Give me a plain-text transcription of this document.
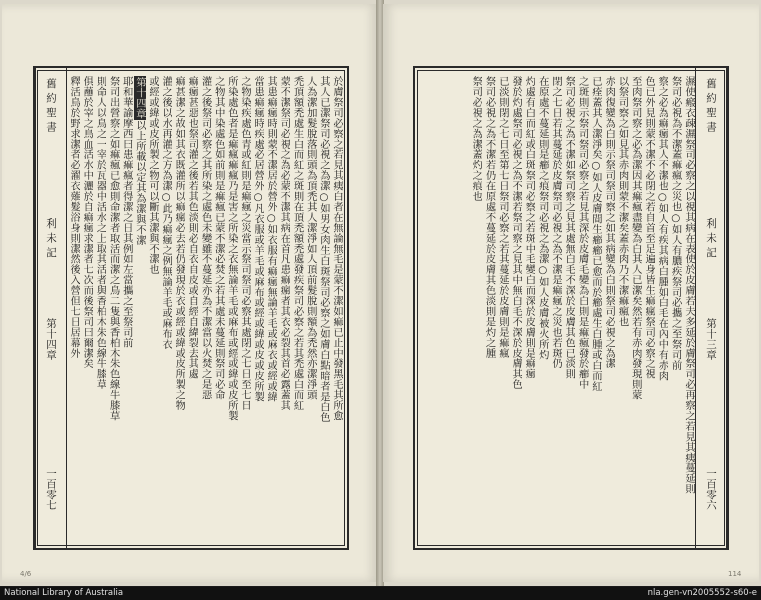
舊約聖書
利未記
第十四章
一百零七
於膚祭司必察之若見其痍白者在無論無毛是蒙不潔如痲已止中發黑毛其所愈
其人已潔祭司必視之為潔○如男女肉生白斑祭司必察之如膚白點暗者是白色
人為潔加髮脫落則頭為頂禿其人潔淨如人頂前髮脫則額為禿然亦潔淨頭
禿頂額禿處生白而紅之斑則在頂禿額禿處發疾祭司必察之若其禿處白而紅
蒙不潔祭司必視之為必蒙不潔其病在首凡患痲瘋者其衣必裂其首必露蓋其
其患痲瘋時則蒙不潔居於營外○如衣服有痲瘋無論羊毛或麻衣或經或緯
當患痲瘋時疾處必居營外○凡衣服或羊毛或麻布或經或緯或皮或皮所製
之物染疾處色青或紅則是痲瘋之災當示祭司祭司必察其處閉之七日至七日
所染處色者是痲瘋痲瘋乃是害之所染之衣無論羊毛或麻布或經或緯或皮所製
之物其中染處色如前則是痲瘋已蒙不潔必焚之若其處未蔓延則祭司必命
灌之後祭司必察之其所染之處色未變雖不蔓延亦為不潔當以火焚之是惡
痲瘋甚惡也祭司灌之後若其色淡則必自衣自皮或自經自緯裂去其處
痲甚潔之故如其衣既灌所以痲瘋必去若仍發現於衣或經或緯或皮所製之物
灌之後以水再灌之方為潔○此乃痲瘋之例無論羊毛或麻布衣
或經或緯或皮所製之物可以斷其潔與不潔也
第十四章以上所載以定其為潔與不潔
耶和華諭摩西曰患痲瘋者得潔之日其例如左當攜之至祭司前
祭司出營察之如痲瘋已愈則命潔者取活而潔之鳥二隻與香柏木朱色線牛膝草
則命人以鳥之一宰於瓦器中活水之上取其活者與香柏木朱色線牛膝草
俱蘸於宰之鳥血活水中灑於自痲瘋求潔者七次而後祭司曰爾潔矣
釋活鳥於野求潔者必濯衣薙髮浴身則潔然後入營但七日居幕外
4/6
濕使瘢衣疎濕祭司必察之以視其病在表使於皮膚若夫多延於膚祭司必再察之若見其痍蔓延則
祭司必視為不潔蓋痲瘋之災也○如人有膿疾祭司必攜之至祭司前
察之必為痲瘋其人不潔也○如人有疾其病白腫如白毛在內中有赤肉
色已外見則蒙不潔不必閉之若自首至足遍身皆生痲瘋祭司必察之視
至肉祭司察之必為潔因其痲瘋盡變為白其人已潔矣然若有赤肉發現則蒙
以祭司察之如見其赤肉則蒙不潔矣蓋赤肉乃不潔痲瘋也
赤肉復變為白則示祭司祭司察之如其病變為白則祭司必視之為潔
已痊蓋其人潔淨矣○如人皮膚間生癤癤已愈而於癤處生白腫或白而紅
之斑則示祭司祭司必察之若見其深於皮膚毛變為白則是痲瘋發於癤中
祭司必視之為不潔如祭司察之見其處無白毛不深於皮膚其色已淡則
閉之七日若其蔓延於皮膚祭司必視之為不潔是痲瘋之災也若斑仍
在原處不蔓延則是癤之痕祭司必視之為潔○如人皮膚被火所灼
灼處有白而紅或白斑祭司必察之若斑中毛變白而深於皮膚則是痲瘋
發於灼處祭司必視之為不潔若祭司察之見其中無白毛不深於皮膚其色
已淡則閉之七日至第七日祭司必察之若其蔓延於皮膚則是痲瘋
祭司必視之為不潔若仍在原處不蔓延於皮膚其色淡則是灼之腫
祭司必視之為潔蓋灼之痕也	舊約聖書
利未記
第十三章
一百零六
114
National Library of Australia	nla.gen-vn2005552-s60-e
